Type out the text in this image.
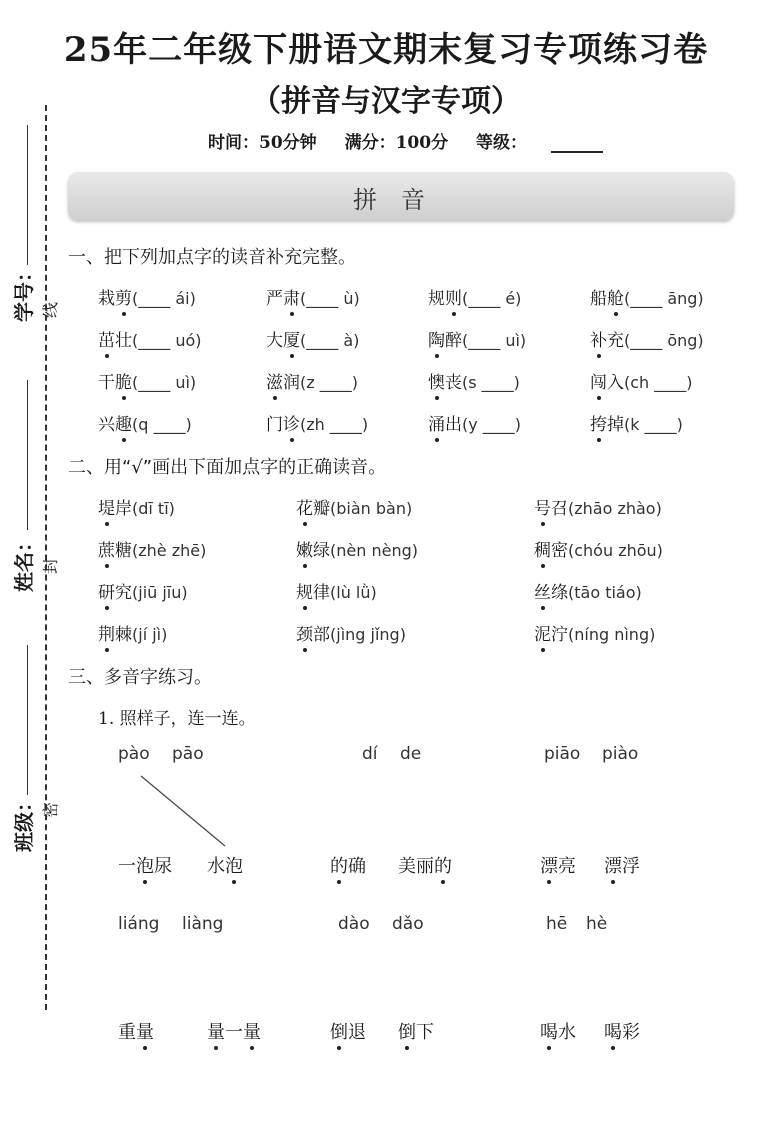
25年二年级下册语文期末复习专项练习卷
（拼音与汉字专项）
时间：50分钟 满分：100分 等级：
学号：
姓名：
班级：
线
封
密
拼音
一、把下列加点字的读音补充完整。
二、用“√”画出下面加点字的正确读音。
三、多音字练习。
1. 照样子，连一连。
栽剪(____ ái)	严肃(____ ù)	规则(____ é)	船舱(____ āng)
茁壮(____ uó)	大厦(____ à)	陶醉(____ uì)	补充(____ ōng)
干脆(____ uì)	滋润(z ____)	懊丧(s ____)	闯入(ch ____)
兴趣(q ____)	门诊(zh ____)	涌出(y ____)	挎掉(k ____)
堤岸(dī tī)	花瓣(biàn bàn)	号召(zhāo zhào)
蔗糖(zhè zhē)	嫩绿(nèn nèng)	稠密(chóu zhōu)
研究(jiū jīu)	规律(lù lǜ)	丝绦(tāo tiáo)
荆棘(jí jì)	颈部(jìng jǐng)	泥泞(níng nìng)
pào pāo
一泡尿 水泡
dí de
的确 美丽的
piāo piào
漂亮 漂浮
liáng liàng
重量	量一量
dào dǎo
倒退 倒下
hē hè
喝水 喝彩
